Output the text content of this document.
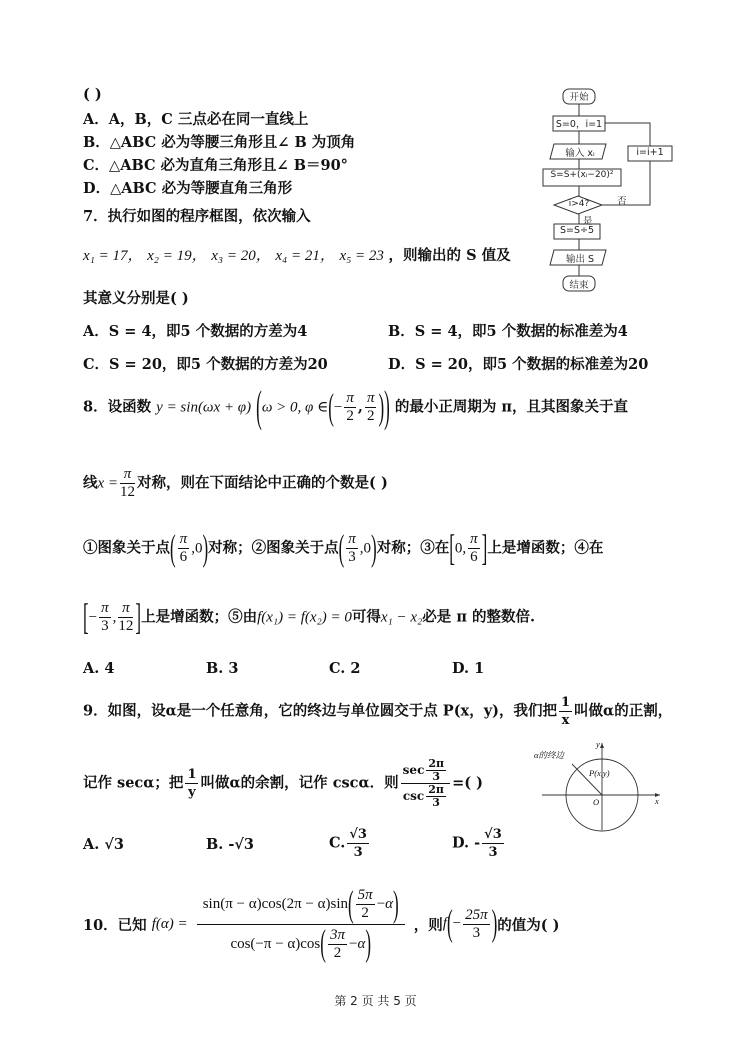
( )
A．A，B，C 三点必在同一直线上
B．△ABC 必为等腰三角形且∠ B 为顶角
C．△ABC 必为直角三角形且∠ B＝90°
D．△ABC 必为等腰直角三角形
7．执行如图的程序框图，依次输入
x₁ = 17， x₂ = 19， x₃ = 20， x₄ = 21， x₅ = 23 ，则输出的 S 值及
其意义分别是( )
A．S = 4，即5 个数据的方差为4	B．S = 4，即5 个数据的标准差为4
C．S = 20，即5 个数据的方差为20	D．S = 20，即5 个数据的标准差为20
开始
S=0，i=1
输入 xᵢ
S=S+(xᵢ−20)²
i>4?
S=S÷5
输出 S
结束
i=i+1
否
是
8．设函数 y = sin(ωx + φ) (ω > 0, φ ∈(− $\frac{\pi}{2}$ , $\frac{\pi}{2}$ )) 的最小正周期为 π，且其图象关于直
线$x = \frac{\pi}{12}$ 对称，则在下面结论中正确的个数是( )
①图象关于点( $\frac{\pi}{6} ,0$)对称；②图象关于点( $\frac{\pi}{3} ,0$)对称；③在[0, $\frac{\pi}{6}$ ]上是增函数；④在
[− $\frac{\pi}{3}$ , $\frac{\pi}{12}$ ]上是增函数；⑤由f(x₁) = f(x₂) = 0可得x₁ − x₂必是 π 的整数倍.
A. 4	B. 3	C. 2	D. 1
9．如图，设α是一个任意角，它的终边与单位圆交于点 P(x，y)，我们把 $\frac{1}{x}$ 叫做α的正割，
记作 secα；把 $\frac{1}{y}$ 叫做α的余割，记作 cscα．则 $\frac{\sec \frac{2\pi}{3}}{\csc \frac{2\pi}{3}}$ =( )
α的终边
P(x,y)
O	x
y
A. √3	B. -√3	C. $\frac{√3}{3}$	D. - $\frac{√3}{3}$
10．已知 $f(\alpha) = \frac{\sin(\pi - \alpha)\cos(2\pi - \alpha)\sin( \frac{5\pi}{2} -\alpha)}{\cos(-\pi - \alpha)\cos( \frac{3\pi}{2} -\alpha)}$ ，则$f(- \frac{25\pi}{3}$ )的值为( )
第 2 页 共 5 页
